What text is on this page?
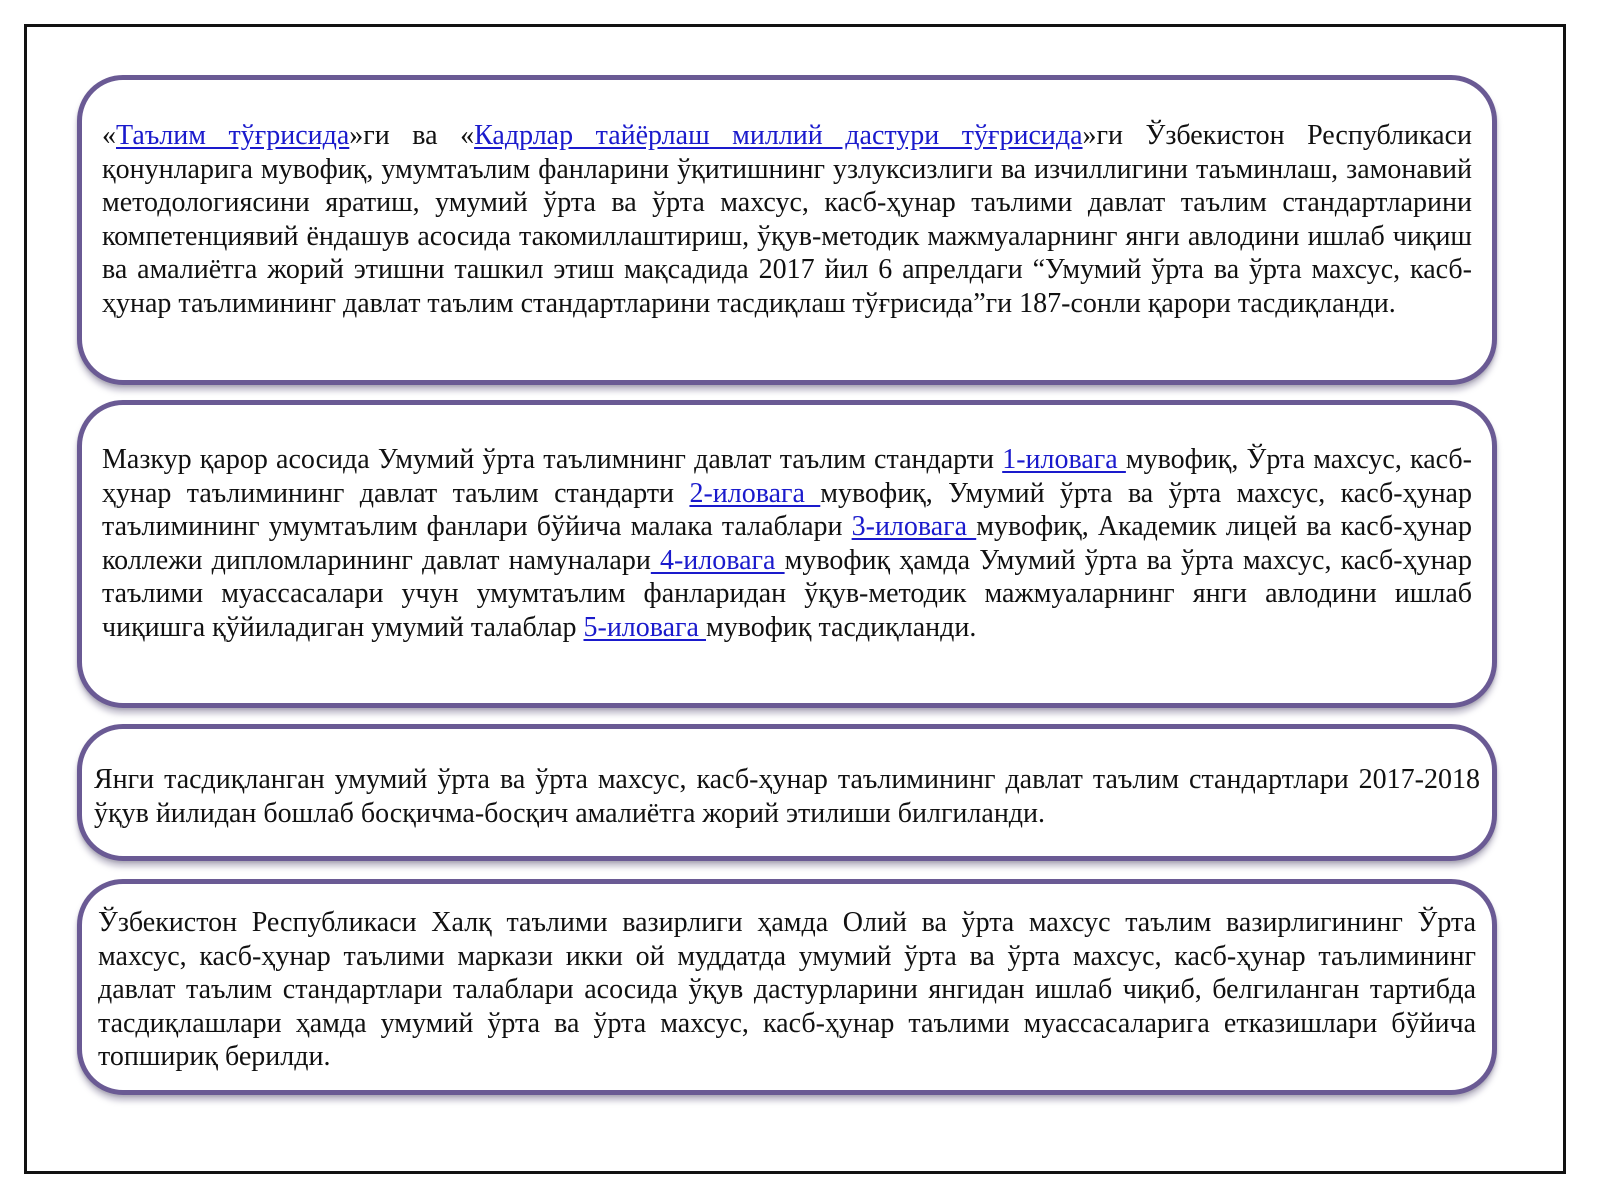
«Таълим тўғрисида»ги ва «Кадрлар тайёрлаш миллий дастури тўғрисида»ги Ўзбекистон Республикаси қонунларига мувофиқ, умумтаълим фанларини ўқитишнинг узлуксизлиги ва изчиллигини таъминлаш, замонавий методологиясини яратиш, умумий ўрта ва ўрта махсус, касб-ҳунар таълими давлат таълим стандартларини компетенциявий ёндашув асосида такомиллаштириш, ўқув-методик мажмуаларнинг янги авлодини ишлаб чиқиш ва амалиётга жорий этишни ташкил этиш мақсадида 2017 йил 6 апрелдаги “Умумий ўрта ва ўрта махсус, касб-ҳунар таълимининг давлат таълим стандартларини тасдиқлаш тўғрисида”ги 187-сонли қарори тасдиқланди.

Мазкур қарор асосида Умумий ўрта таълимнинг давлат таълим стандарти 1-иловага мувофиқ, Ўрта махсус, касб-ҳунар таълимининг давлат таълим стандарти 2-иловага мувофиқ, Умумий ўрта ва ўрта махсус, касб-ҳунар таълимининг умумтаълим фанлари бўйича малака талаблари 3-иловага мувофиқ, Академик лицей ва касб-ҳунар коллежи дипломларининг давлат намуналари 4-иловага мувофиқ ҳамда Умумий ўрта ва ўрта махсус, касб-ҳунар таълими муассасалари учун умумтаълим фанларидан ўқув-методик мажмуаларнинг янги авлодини ишлаб чиқишга қўйиладиган умумий талаблар 5-иловага мувофиқ тасдиқланди.

Янги тасдиқланган умумий ўрта ва ўрта махсус, касб-ҳунар таълимининг давлат таълим стандартлари 2017-2018 ўқув йилидан бошлаб босқичма-босқич амалиётга жорий этилиши билгиланди.

Ўзбекистон Республикаси Халқ таълими вазирлиги ҳамда Олий ва ўрта махсус таълим вазирлигининг Ўрта махсус, касб-ҳунар таълими маркази икки ой муддатда умумий ўрта ва ўрта махсус, касб-ҳунар таълимининг давлат таълим стандартлари талаблари асосида ўқув дастурларини янгидан ишлаб чиқиб, белгиланган тартибда тасдиқлашлари ҳамда умумий ўрта ва ўрта махсус, касб-ҳунар таълими муассасаларига етказишлари бўйича топшириқ берилди.
